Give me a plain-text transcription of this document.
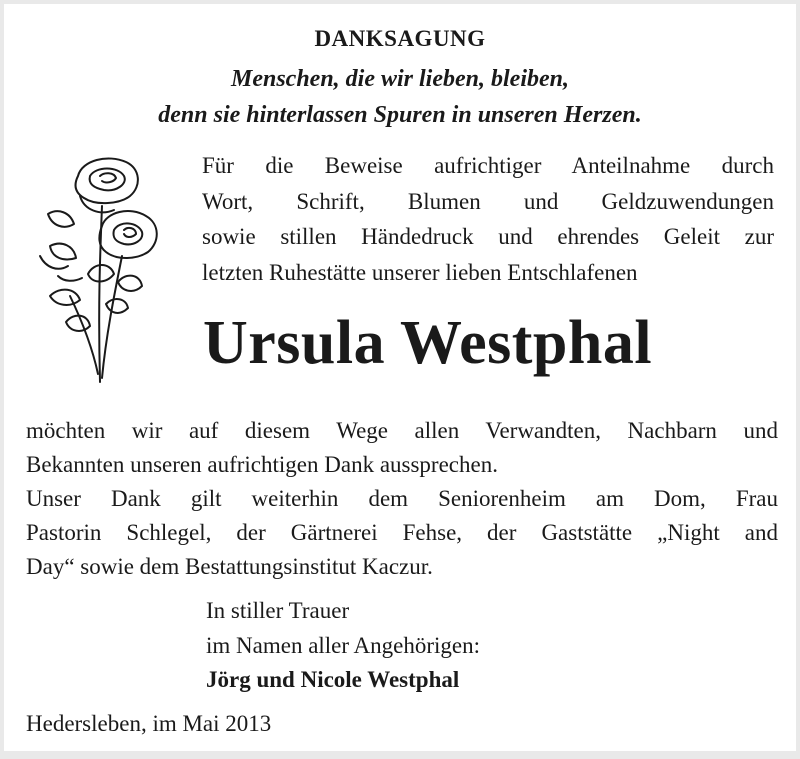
DANKSAGUNG
Menschen, die wir lieben, bleiben,
denn sie hinterlassen Spuren in unseren Herzen.
Für die Beweise aufrichtiger Anteilnahme durch
Wort, Schrift, Blumen und Geldzuwendungen
sowie stillen Händedruck und ehrendes Geleit zur
letzten Ruhestätte unserer lieben Entschlafenen
Ursula Westphal
möchten wir auf diesem Wege allen Verwandten, Nachbarn und
Bekannten unseren aufrichtigen Dank aussprechen.
Unser Dank gilt weiterhin dem Seniorenheim am Dom, Frau
Pastorin Schlegel, der Gärtnerei Fehse, der Gaststätte „Night and
Day“ sowie dem Bestattungsinstitut Kaczur.
In stiller Trauer
im Namen aller Angehörigen:
Jörg und Nicole Westphal
Hedersleben, im Mai 2013
